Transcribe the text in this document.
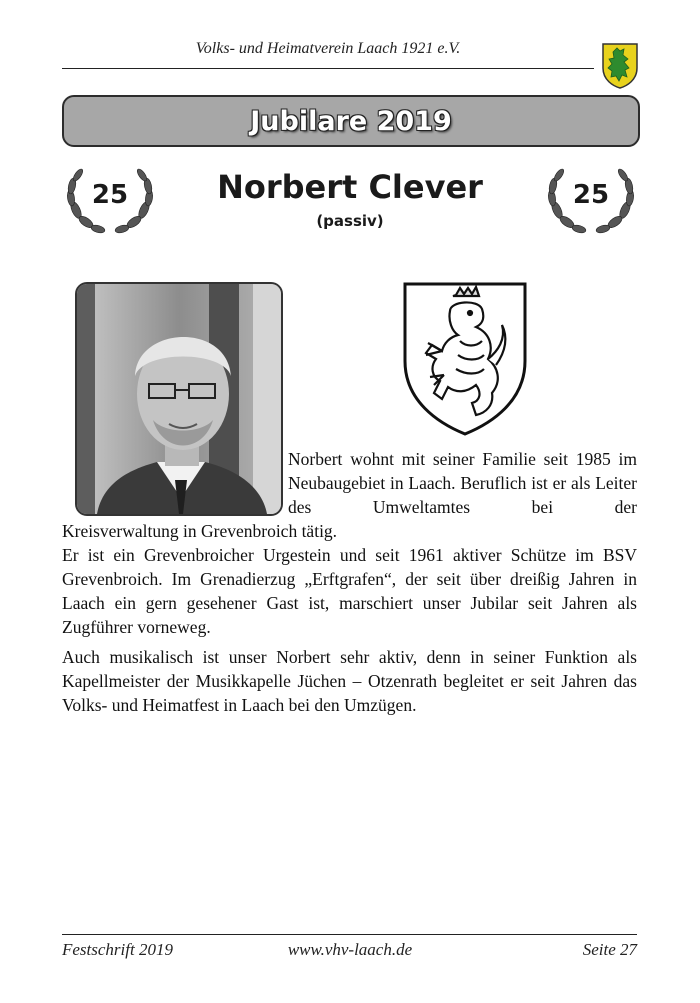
Volks- und Heimatverein Laach 1921 e.V.
Jubilare 2019
25	25
Norbert Clever
(passiv)
Norbert wohnt mit seiner Familie seit 1985 im Neubaugebiet in Laach. Beruflich ist er als Leiter des Umweltamtes bei der
Kreisverwaltung in Grevenbroich tätig.
Er ist ein Grevenbroicher Urgestein und seit 1961 aktiver Schütze im BSV Grevenbroich. Im Grenadierzug „Erftgrafen“, der seit über dreißig Jahren in Laach ein gern gesehener Gast ist, marschiert unser Jubilar seit Jahren als Zugführer vorneweg.
Auch musikalisch ist unser Norbert sehr aktiv, denn in seiner Funktion als Kapellmeister der Musikkapelle Jüchen – Otzenrath begleitet er seit Jahren das Volks- und Heimatfest in Laach bei den Umzügen.
Festschrift 2019	www.vhv-laach.de	Seite 27
